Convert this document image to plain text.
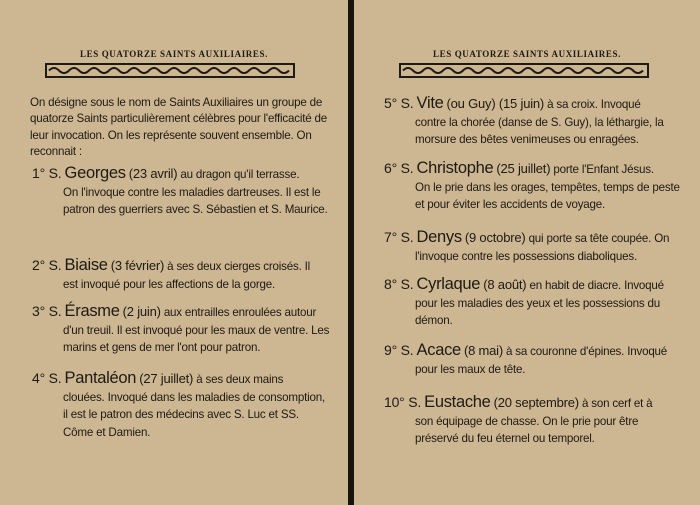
LES QUATORZE SAINTS AUXILIAIRES.
On désigne sous le nom de Saints Auxiliaires un groupe de quatorze Saints particulièrement célèbres pour l'efficacité de leur invocation. On les représente souvent ensemble. On reconnait :
LES QUATORZE SAINTS AUXILIAIRES.
1° S. Georges (23 avril) au dragon qu'il terrasse.
On l'invoque contre les maladies dartreuses. Il est le patron des guerriers avec S. Sébastien et S. Maurice.
2° S. Biaise (3 février) à ses deux cierges croisés. Il
est invoqué pour les affections de la gorge.
3° S. Érasme (2 juin) aux entrailles enroulées autour
d'un treuil. Il est invoqué pour les maux de ventre. Les marins et gens de mer l'ont pour patron.
4° S. Pantaléon (27 juillet) à ses deux mains
clouées. Invoqué dans les maladies de consomption, il est le patron des médecins avec S. Luc et SS. Côme et Damien.
5° S. Vite (ou Guy) (15 juin) à sa croix. Invoqué
contre la chorée (danse de S. Guy), la léthargie, la morsure des bêtes venimeuses ou enragées.
6° S. Christophe (25 juillet) porte l'Enfant Jésus.
On le prie dans les orages, tempêtes, temps de peste et pour éviter les accidents de voyage.
7° S. Denys (9 octobre) qui porte sa tête coupée. On
l'invoque contre les possessions diaboliques.
8° S. Cyrlaque (8 août) en habit de diacre. Invoqué
pour les maladies des yeux et les possessions du démon.
9° S. Acace (8 mai) à sa couronne d'épines. Invoqué
pour les maux de tête.
10° S. Eustache (20 septembre) à son cerf et à
son équipage de chasse. On le prie pour être préservé du feu éternel ou temporel.
